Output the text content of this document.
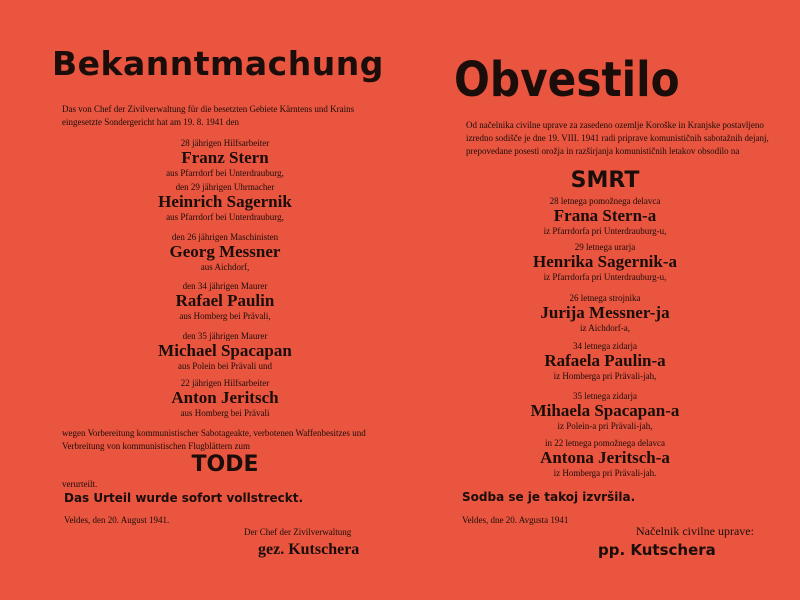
Bekanntmachung
Das von Chef der Zivilverwaltung für die besetzten Gebiete Kärntens und Krains eingesetzte Sondergericht hat am 19. 8. 1941 den
28 jährigen Hilfsarbeiter
Franz Stern
aus Pfarrdorf bei Unterdrauburg,
den 29 jährigen Uhrmacher
Heinrich Sagernik
aus Pfarrdorf bei Unterdrauburg,
den 26 jährigen Maschinisten
Georg Messner
aus Aichdorf,
den 34 jährigen Maurer
Rafael Paulin
aus Homberg bei Prävali,
den 35 jährigen Maurer
Michael Spacapan
aus Polein bei Prävali und
22 jährigen Hilfsarbeiter
Anton Jeritsch
aus Homberg bei Prävali
wegen Vorbereitung kommunistischer Sabotageakte, verbotenen Waffenbesitzes und Verbreitung von kommunistischen Flugblättern zum
TODE
verurteilt.
Das Urteil wurde sofort vollstreckt.
Veldes, den 20. August 1941.
Der Chef der Zivilverwaltung
gez. Kutschera
Obvestilo
Od načelnika civilne uprave za zasedeno ozemlje Koroške in Kranjske postavljeno izredno sodišče je dne 19. VIII. 1941 radi priprave komunističnih sabotažnih dejanj, prepovedane posesti orožja in razširjanja komunističnih letakov obsodilo na
SMRT
28 letnega pomožnega delavca
Frana Stern-a
iz Pfarrdorfa pri Unterdrauburg-u,
29 letnega urarja
Henrika Sagernik-a
iz Pfarrdorfa pri Unterdrauburg-u,
26 letnega strojnika
Jurija Messner-ja
iz Aichdorf-a,
34 letnega zidarja
Rafaela Paulin-a
iz Homberga pri Prävali-jah,
35 letnega zidarja
Mihaela Spacapan-a
iz Polein-a pri Prävali-jah,
in 22 letnega pomožnega delavca
Antona Jeritsch-a
iz Homberga pri Prävali-jah.
Sodba se je takoj izvršila.
Veldes, dne 20. Avgusta 1941
Načelnik civilne uprave:
pp. Kutschera
